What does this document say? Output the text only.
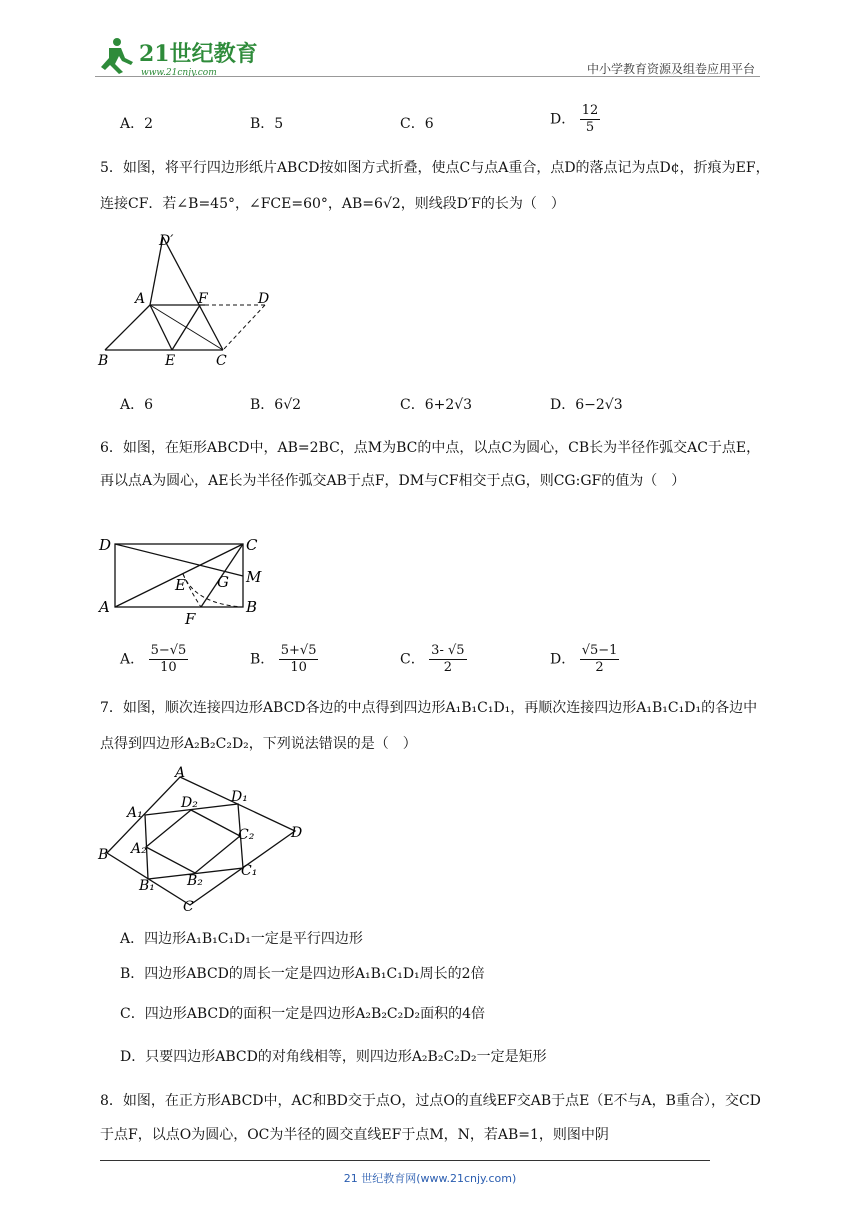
21世纪教育
www.21cnjy.com	中小学教育资源及组卷应用平台
A．2	B．5	C．6	D． $\frac{12}{5}$
5．如图，将平行四边形纸片ABCD按如图方式折叠，使点C与点A重合，点D的落点记为点D¢，折痕为EF，连接CF．若∠B=45°，∠FCE=60°，AB=6√2，则线段D′F的长为（　）
D′
A	F	D
B	E	C
A．6	B．6√2	C．6+2√3	D．6−2√3
6．如图，在矩形ABCD中，AB=2BC，点M为BC的中点，以点C为圆心，CB长为半径作弧交AC于点E，再以点A为圆心，AE长为半径作弧交AB于点F，DM与CF相交于点G，则CG:GF的值为（　）
D	C
E G M
A
F
B
A． $\frac{5-√5}{10}$	B． $\frac{5+√5}{10}$	C． $\frac{3- √5}{2}$	D． $\frac{√5-1}{2}$
7．如图，顺次连接四边形ABCD各边的中点得到四边形A₁B₁C₁D₁，再顺次连接四边形A₁B₁C₁D₁的各边中点得到四边形A₂B₂C₂D₂，下列说法错误的是（　）
A
A₁
D₂ D₁
C₂	D
B A₂
B₁ B₂
C₁
C
A．四边形A₁B₁C₁D₁一定是平行四边形
B．四边形ABCD的周长一定是四边形A₁B₁C₁D₁周长的2倍
C．四边形ABCD的面积一定是四边形A₂B₂C₂D₂面积的4倍
D．只要四边形ABCD的对角线相等，则四边形A₂B₂C₂D₂一定是矩形
8．如图，在正方形ABCD中，AC和BD交于点O，过点O的直线EF交AB于点E（E不与A，B重合），交CD于点F，以点O为圆心，OC为半径的圆交直线EF于点M，N，若AB=1，则图中阴
21 世纪教育网(www.21cnjy.com)
